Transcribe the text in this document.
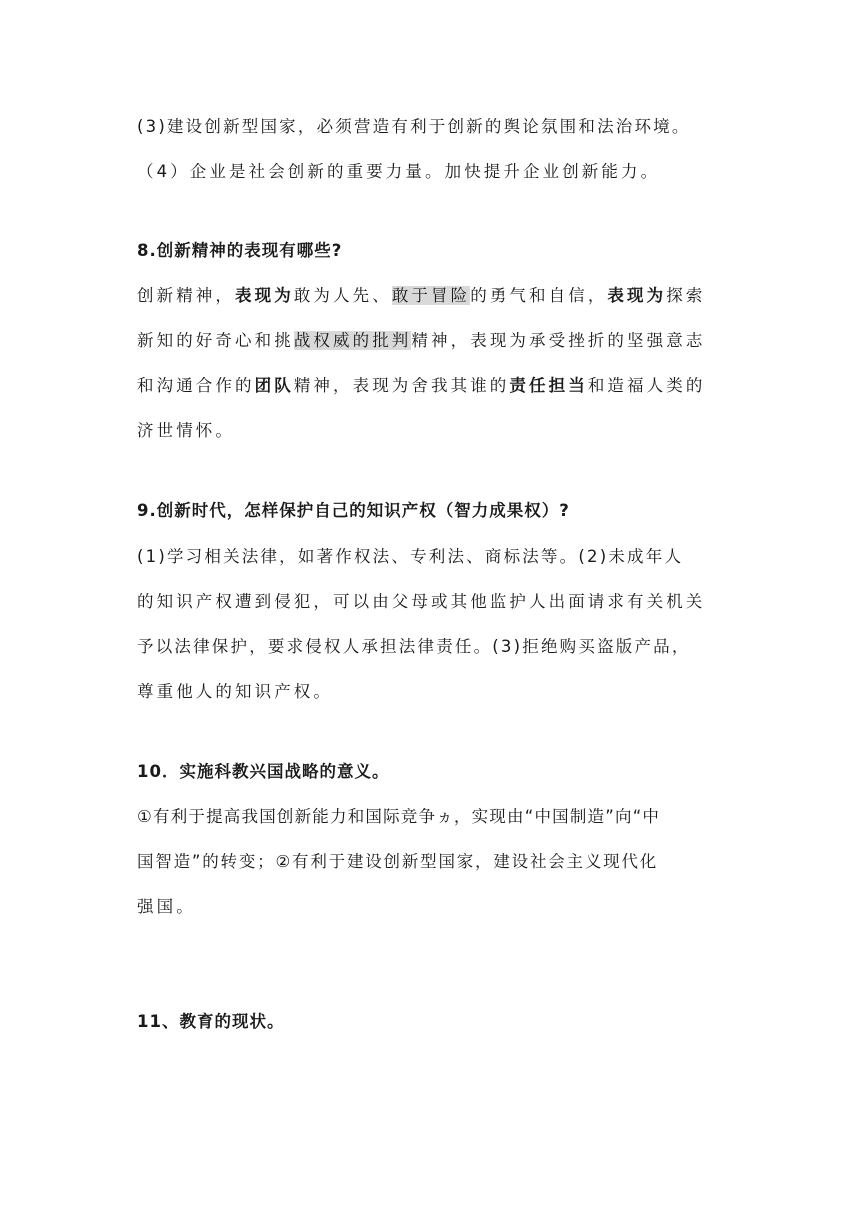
(3)建设创新型国家，必须营造有利于创新的舆论氛围和法治环境。
（4）企业是社会创新的重要力量。加快提升企业创新能力。
8.创新精神的表现有哪些?
创新精神，表现为敢为人先、敢于冒险的勇气和自信，表现为探索
新知的好奇心和挑战权威的批判精神，表现为承受挫折的坚强意志
和沟通合作的团队精神，表现为舍我其谁的责任担当和造福人类的
济世情怀。
9.创新时代，怎样保护自己的知识产权（智力成果权）?
(1)学习相关法律，如著作权法、专利法、商标法等。(2)未成年人
的知识产权遭到侵犯，可以由父母或其他监护人出面请求有关机关
予以法律保护，要求侵权人承担法律责任。(3)拒绝购买盗版产品，
尊重他人的知识产权。
10．实施科教兴国战略的意义。
①有利于提高我国创新能力和国际竞争ヵ，实现由“中国制造”向“中
国智造”的转变；②有利于建设创新型国家，建设社会主义现代化
强国。
11、教育的现状。
